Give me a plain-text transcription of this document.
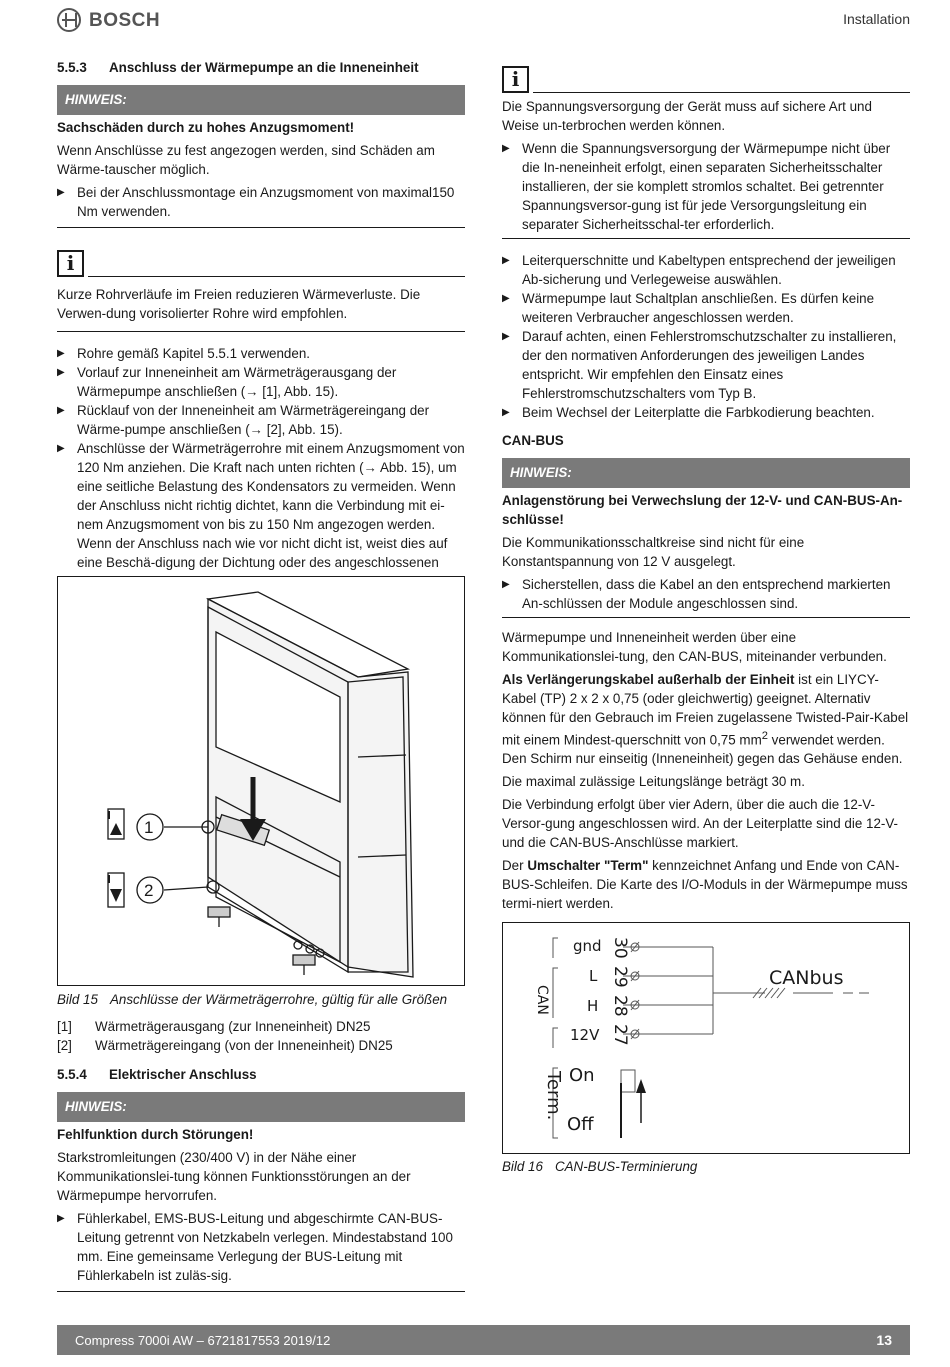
BOSCH	Installation
5.5.3 Anschluss der Wärmepumpe an die Inneneinheit
HINWEIS:
Sachschäden durch zu hohes Anzugsmoment!

Wenn Anschlüsse zu fest angezogen werden, sind Schäden am Wärme-tauscher möglich.

▶ Bei der Anschlussmontage ein Anzugsmoment von maximal150 Nm verwenden.
i

Kurze Rohrverläufe im Freien reduzieren Wärmeverluste. Die Verwen-dung vorisolierter Rohre wird empfohlen.

▶ Rohre gemäß Kapitel 5.5.1 verwenden.
▶ Vorlauf zur Inneneinheit am Wärmeträgerausgang der Wärmepumpe anschließen (→ [1], Abb. 15).
▶ Rücklauf von der Inneneinheit am Wärmeträgereingang der Wärme-pumpe anschließen (→ [2], Abb. 15).
▶ Anschlüsse der Wärmeträgerrohre mit einem Anzugsmoment von 120 Nm anziehen. Die Kraft nach unten richten (→ Abb. 15), um eine seitliche Belastung des Kondensators zu vermeiden. Wenn der Anschluss nicht richtig dichtet, kann die Verbindung mit ei-nem Anzugsmoment von bis zu 150 Nm angezogen werden. Wenn der Anschluss nach wie vor nicht dicht ist, weist dies auf eine Beschä-digung der Dichtung oder des angeschlossenen
1
2
Bild 15 Anschlüsse der Wärmeträgerrohre, gültig für alle Größen
[1]	Wärmeträgerausgang (zur Inneneinheit) DN25
[2]	Wärmeträgereingang (von der Inneneinheit) DN25
5.5.4 Elektrischer Anschluss
HINWEIS:
Fehlfunktion durch Störungen!

Starkstromleitungen (230/400 V) in der Nähe einer Kommunikationslei-tung können Funktionsstörungen an der Wärmepumpe hervorrufen.

▶ Fühlerkabel, EMS-BUS-Leitung und abgeschirmte CAN-BUS-Leitung getrennt von Netzkabeln verlegen. Mindestabstand 100 mm. Eine gemeinsame Verlegung der BUS-Leitung mit Fühlerkabeln ist zuläs-sig.
i

Die Spannungsversorgung der Gerät muss auf sichere Art und Weise un-terbrochen werden können.

▶ Wenn die Spannungsversorgung der Wärmepumpe nicht über die In-neneinheit erfolgt, einen separaten Sicherheitsschalter installieren, der sie komplett stromlos schaltet. Bei getrennter Spannungsversor-gung ist für jede Versorgungsleitung ein separater Sicherheitsschal-ter erforderlich.
▶ Leiterquerschnitte und Kabeltypen entsprechend der jeweiligen Ab-sicherung und Verlegeweise auswählen.
▶ Wärmepumpe laut Schaltplan anschließen. Es dürfen keine weiteren Verbraucher angeschlossen werden.
▶ Darauf achten, einen Fehlerstromschutzschalter zu installieren, der den normativen Anforderungen des jeweiligen Landes entspricht. Wir empfehlen den Einsatz eines Fehlerstromschutzschalters vom Typ B.
▶ Beim Wechsel der Leiterplatte die Farbkodierung beachten.
CAN-BUS
HINWEIS:
Anlagenstörung bei Verwechslung der 12-V- und CAN-BUS-An-schlüsse!

Die Kommunikationsschaltkreise sind nicht für eine Konstantspannung von 12 V ausgelegt.

▶ Sicherstellen, dass die Kabel an den entsprechend markierten An-schlüssen der Module angeschlossen sind.

Wärmepumpe und Inneneinheit werden über eine Kommunikationslei-tung, den CAN-BUS, miteinander verbunden.

Als Verlängerungskabel außerhalb der Einheit ist ein LIYCY-Kabel (TP) 2 x 2 x 0,75 (oder gleichwertig) geeignet. Alternativ können für den Gebrauch im Freien zugelassene Twisted-Pair-Kabel mit einem Mindest-querschnitt von 0,75 $mm^2$ verwendet werden. Den Schirm nur einseitig (Inneneinheit) gegen das Gehäuse enden.

Die maximal zulässige Leitungslänge beträgt 30 m.

Die Verbindung erfolgt über vier Adern, über die auch die 12-V-Versor-gung angeschlossen wird. An der Leiterplatte sind die 12-V- und die CAN-BUS-Anschlüsse markiert.

Der Umschalter "Term" kennzeichnet Anfang und Ende von CAN-BUS-Schleifen. Die Karte des I/O-Moduls in der Wärmepumpe muss termi-niert werden.

gnd
L
H
12V
CAN
30
29
28
27
CANbus
Term. On
Off
Bild 16 CAN-BUS-Terminierung
Compress 7000i AW – 6721817553 2019/12	13
